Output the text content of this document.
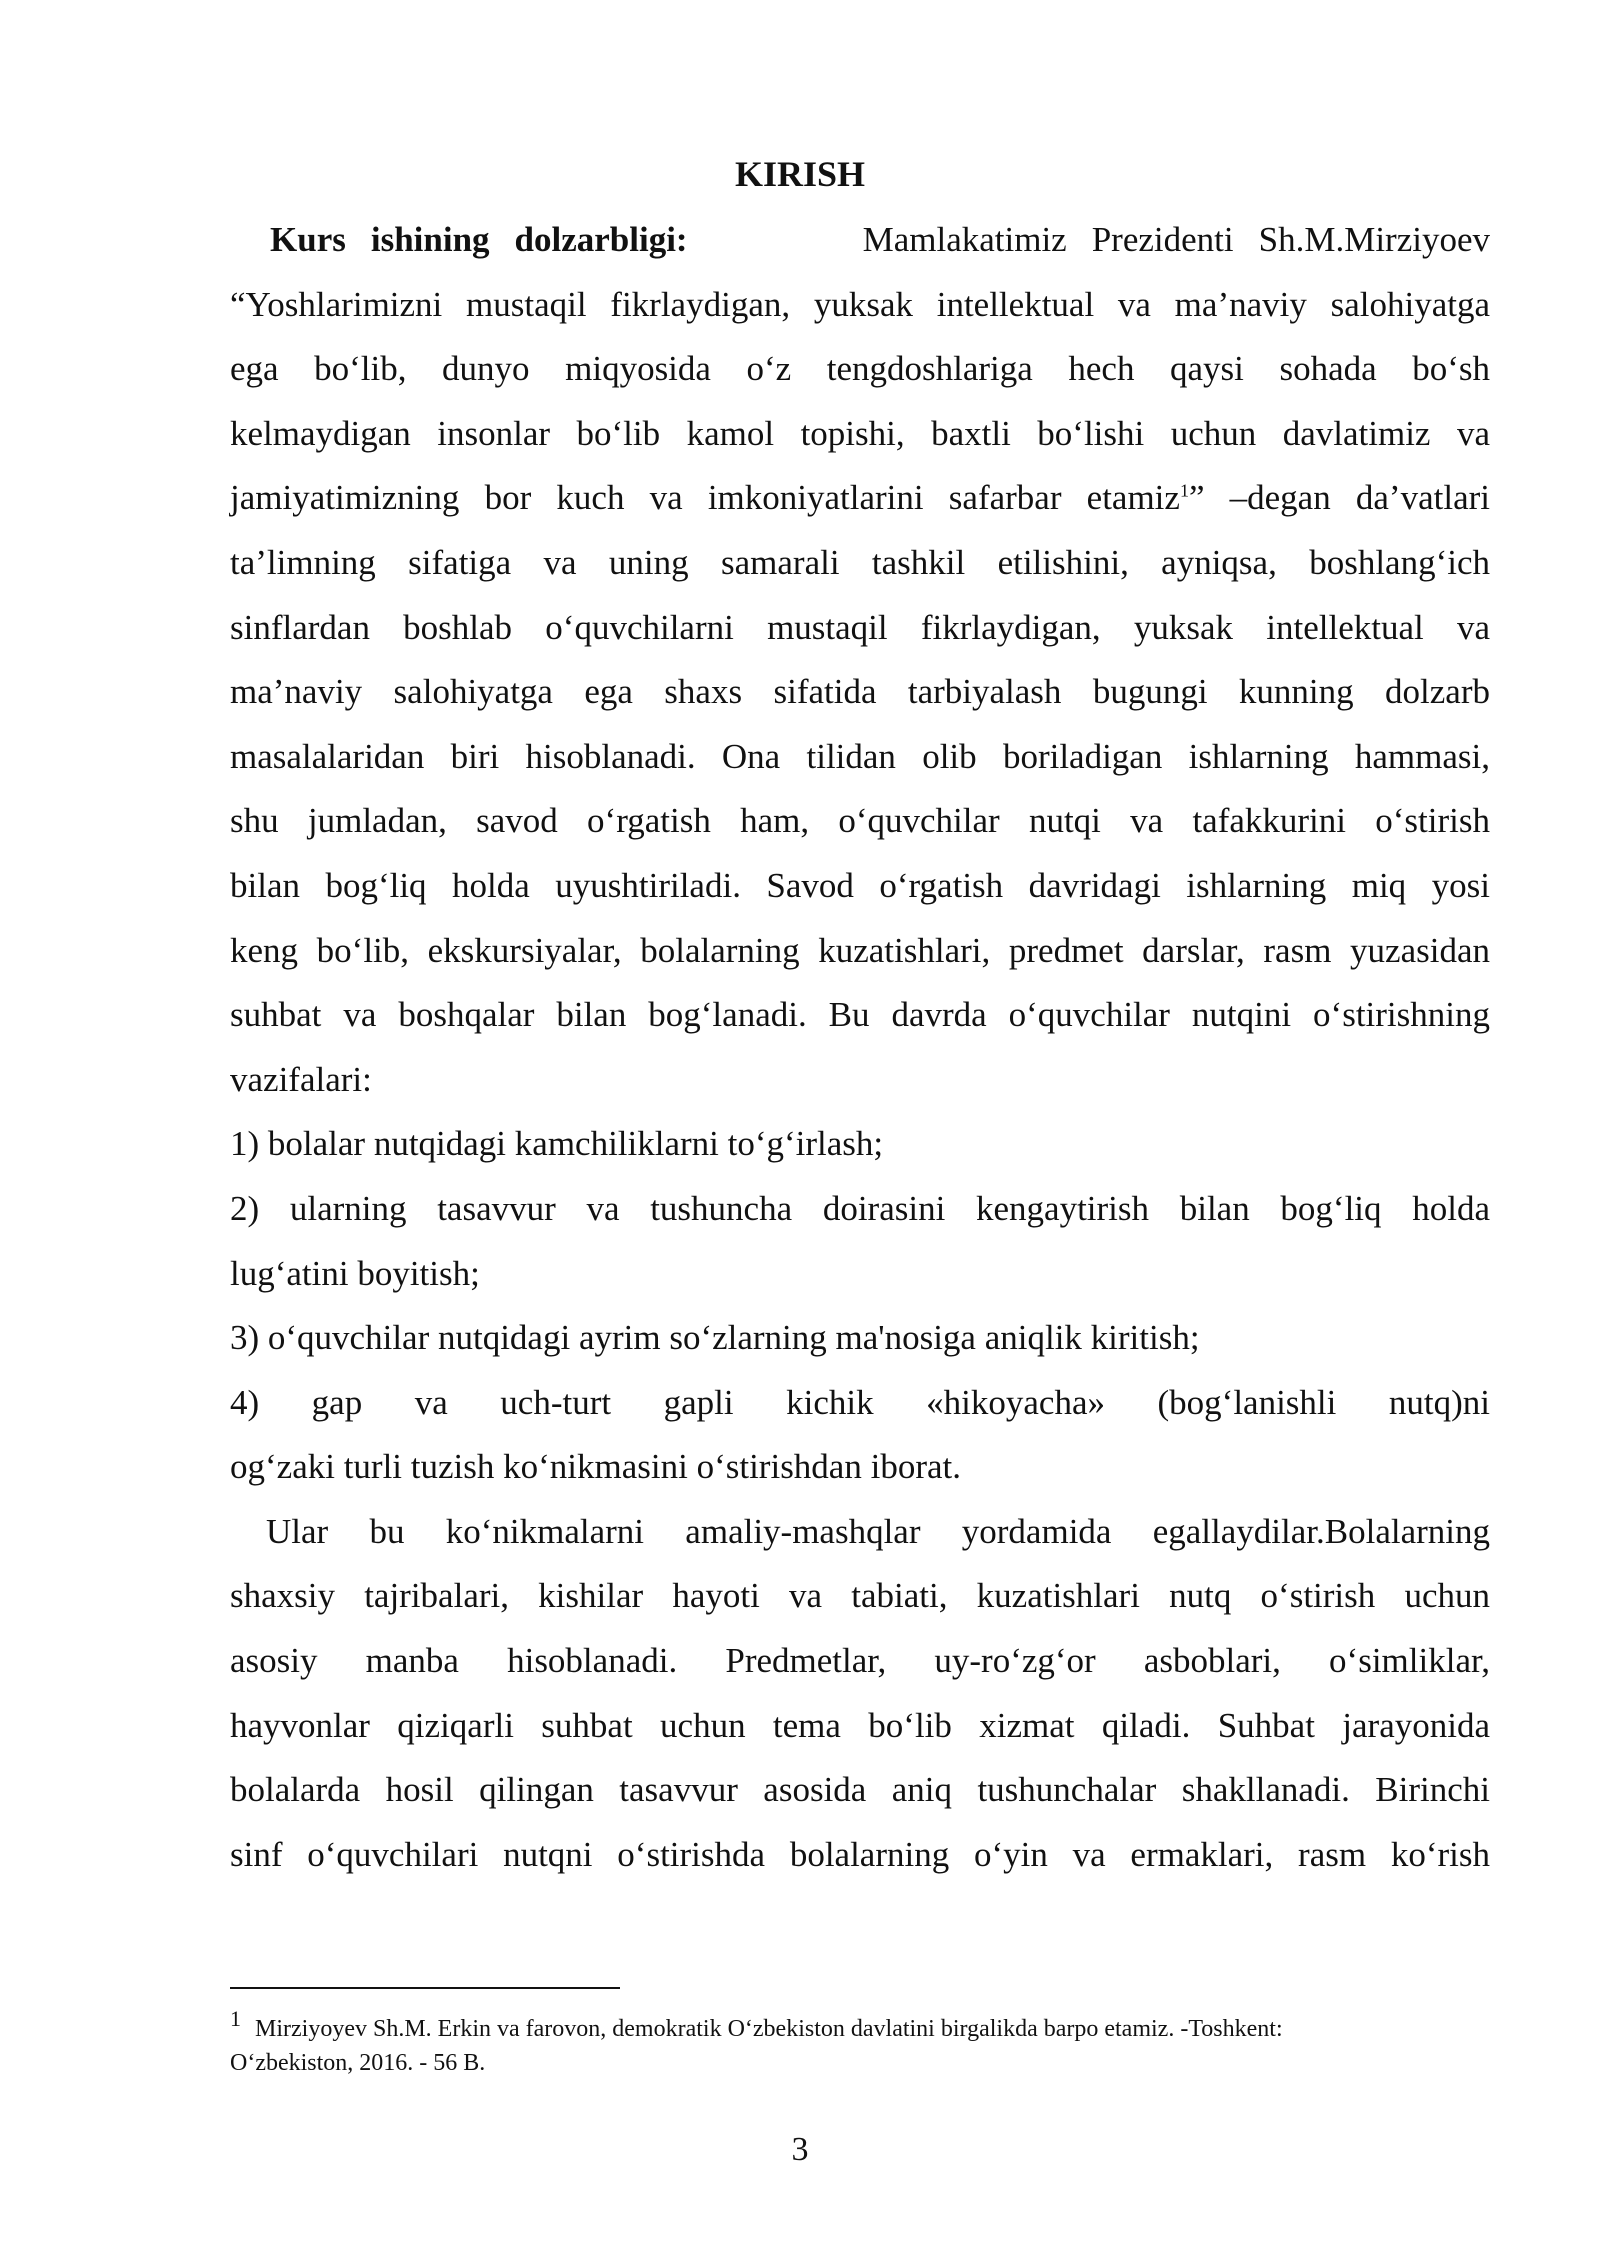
KIRISH
Kurs ishining dolzarbligi:	Mamlakatimiz Prezidenti Sh.M.Mirziyoev
“Yoshlarimizni mustaqil fikrlaydigan, yuksak intellektual va ma’naviy salohiyatga
ega bo‘lib, dunyo miqyosida o‘z tengdoshlariga hech qaysi sohada bo‘sh
kelmaydigan insonlar bo‘lib kamol topishi, baxtli bo‘lishi uchun davlatimiz va
jamiyatimizning bor kuch va imkoniyatlarini safarbar etamiz$^1$” –degan da’vatlari
ta’limning sifatiga va uning samarali tashkil etilishini, ayniqsa, boshlang‘ich
sinflardan boshlab o‘quvchilarni mustaqil fikrlaydigan, yuksak intellektual va
ma’naviy salohiyatga ega shaxs sifatida tarbiyalash bugungi kunning dolzarb
masalalaridan biri hisoblanadi. Ona tilidan olib boriladigan ishlarning hammasi,
shu jumladan, savod o‘rgatish ham, o‘quvchilar nutqi va tafakkurini o‘stirish
bilan bog‘liq holda uyushtiriladi. Savod o‘rgatish davridagi ishlarning miq yosi
keng bo‘lib, ekskursiyalar, bolalarning kuzatishlari, predmet darslar, rasm yuzasidan
suhbat va boshqalar bilan bog‘lanadi. Bu davrda o‘quvchilar nutqini o‘stirishning
vazifalari:
1) bolalar nutqidagi kamchiliklarni to‘g‘irlash;
2) ularning tasavvur va tushuncha doirasini kengaytirish bilan bog‘liq holda
lug‘atini boyitish;
3) o‘quvchilar nutqidagi ayrim so‘zlarning ma'nosiga aniqlik kiritish;
4) gap va uch-turt gapli kichik «hikoyacha» (bog‘lanishli nutq)ni
og‘zaki turli tuzish ko‘nikmasini o‘stirishdan iborat.
Ular bu ko‘nikmalarni amaliy-mashqlar yordamida egallaydilar.Bolalarning
shaxsiy tajribalari, kishilar hayoti va tabiati, kuzatishlari nutq o‘stirish uchun
asosiy manba hisoblanadi. Predmetlar, uy-ro‘zg‘or asboblari, o‘simliklar,
hayvonlar qiziqarli suhbat uchun tema bo‘lib xizmat qiladi. Suhbat jarayonida
bolalarda hosil qilingan tasavvur asosida aniq tushunchalar shakllanadi. Birinchi
sinf o‘quvchilari nutqni o‘stirishda bolalarning o‘yin va ermaklari, rasm ko‘rish
1 Mirziyoyev Sh.M. Erkin va farovon, demokratik O‘zbekiston davlatini birgalikda barpo etamiz. -Toshkent:
O‘zbekiston, 2016. - 56 B.
3
